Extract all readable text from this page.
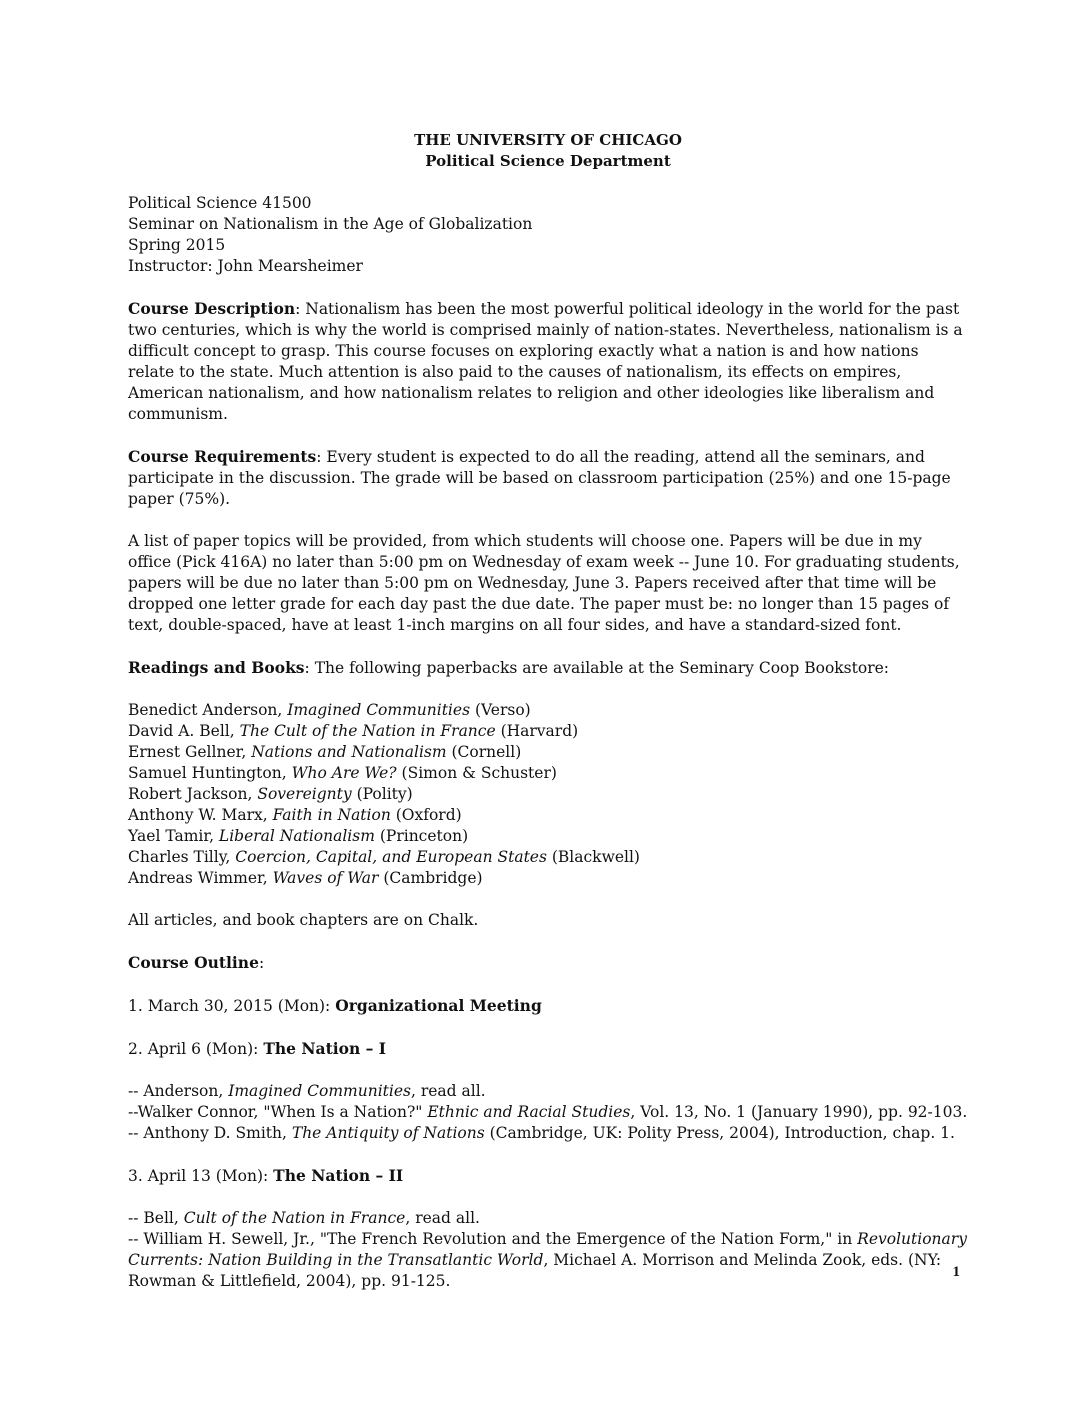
THE UNIVERSITY OF CHICAGO
Political Science Department

Political Science 41500

Seminar on Nationalism in the Age of Globalization

Spring 2015

Instructor: John Mearsheimer

Course Description: Nationalism has been the most powerful political ideology in the world for the past two centuries, which is why the world is comprised mainly of nation-states. Nevertheless, nationalism is a difficult concept to grasp. This course focuses on exploring exactly what a nation is and how nations relate to the state. Much attention is also paid to the causes of nationalism, its effects on empires, American nationalism, and how nationalism relates to religion and other ideologies like liberalism and communism.

Course Requirements: Every student is expected to do all the reading, attend all the seminars, and participate in the discussion. The grade will be based on classroom participation (25%) and one 15-page paper (75%).

A list of paper topics will be provided, from which students will choose one. Papers will be due in my office (Pick 416A) no later than 5:00 pm on Wednesday of exam week -- June 10. For graduating students, papers will be due no later than 5:00 pm on Wednesday, June 3. Papers received after that time will be dropped one letter grade for each day past the due date. The paper must be: no longer than 15 pages of text, double-spaced, have at least 1-inch margins on all four sides, and have a standard-sized font.

Readings and Books: The following paperbacks are available at the Seminary Coop Bookstore:

Benedict Anderson, Imagined Communities (Verso)

David A. Bell, The Cult of the Nation in France (Harvard)

Ernest Gellner, Nations and Nationalism (Cornell)

Samuel Huntington, Who Are We? (Simon & Schuster)

Robert Jackson, Sovereignty (Polity)

Anthony W. Marx, Faith in Nation (Oxford)

Yael Tamir, Liberal Nationalism (Princeton)

Charles Tilly, Coercion, Capital, and European States (Blackwell)

Andreas Wimmer, Waves of War (Cambridge)

All articles, and book chapters are on Chalk.

Course Outline:

1. March 30, 2015 (Mon): Organizational Meeting

2. April 6 (Mon): The Nation – I

-- Anderson, Imagined Communities, read all.

--Walker Connor, "When Is a Nation?" Ethnic and Racial Studies, Vol. 13, No. 1 (January 1990), pp. 92-103.

-- Anthony D. Smith, The Antiquity of Nations (Cambridge, UK: Polity Press, 2004), Introduction, chap. 1.

3. April 13 (Mon): The Nation – II

-- Bell, Cult of the Nation in France, read all.

-- William H. Sewell, Jr., "The French Revolution and the Emergence of the Nation Form," in Revolutionary Currents: Nation Building in the Transatlantic World, Michael A. Morrison and Melinda Zook, eds. (NY: Rowman & Littlefield, 2004), pp. 91-125.	1
